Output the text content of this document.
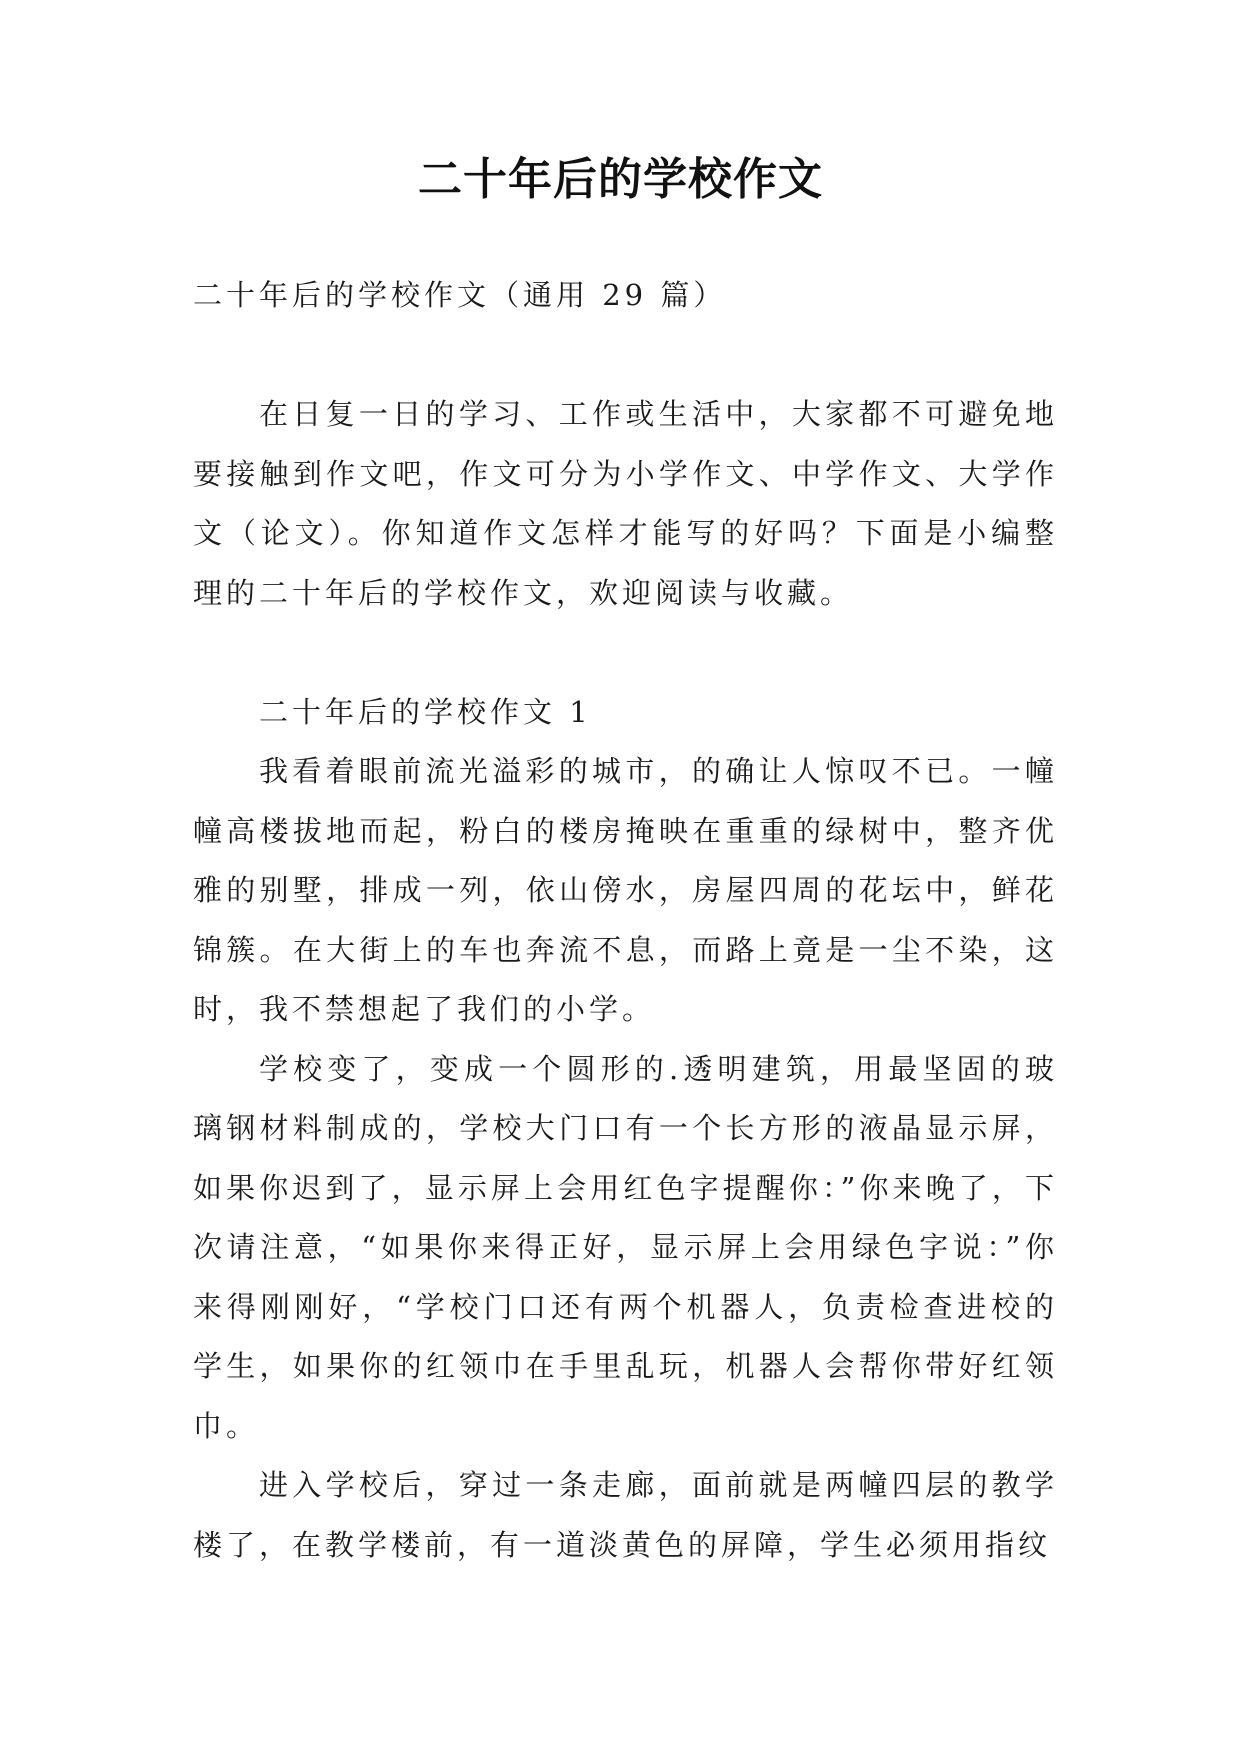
二十年后的学校作文

二十年后的学校作文（通用 29 篇）

在日复一日的学习、工作或生活中，大家都不可避免地要接触到作文吧，作文可分为小学作文、中学作文、大学作文（论文）。你知道作文怎样才能写的好吗？下面是小编整理的二十年后的学校作文，欢迎阅读与收藏。

二十年后的学校作文 1

我看着眼前流光溢彩的城市，的确让人惊叹不已。一幢幢高楼拔地而起，粉白的楼房掩映在重重的绿树中，整齐优雅的别墅，排成一列，依山傍水，房屋四周的花坛中，鲜花锦簇。在大街上的车也奔流不息，而路上竟是一尘不染，这时，我不禁想起了我们的小学。

学校变了，变成一个圆形的.透明建筑，用最坚固的玻璃钢材料制成的，学校大门口有一个长方形的液晶显示屏，如果你迟到了，显示屏上会用红色字提醒你：”你来晚了，下次请注意，“如果你来得正好，显示屏上会用绿色字说：”你来得刚刚好，“学校门口还有两个机器人，负责检查进校的学生，如果你的红领巾在手里乱玩，机器人会帮你带好红领巾。

进入学校后，穿过一条走廊，面前就是两幢四层的教学楼了，在教学楼前，有一道淡黄色的屏障，学生必须用指纹
